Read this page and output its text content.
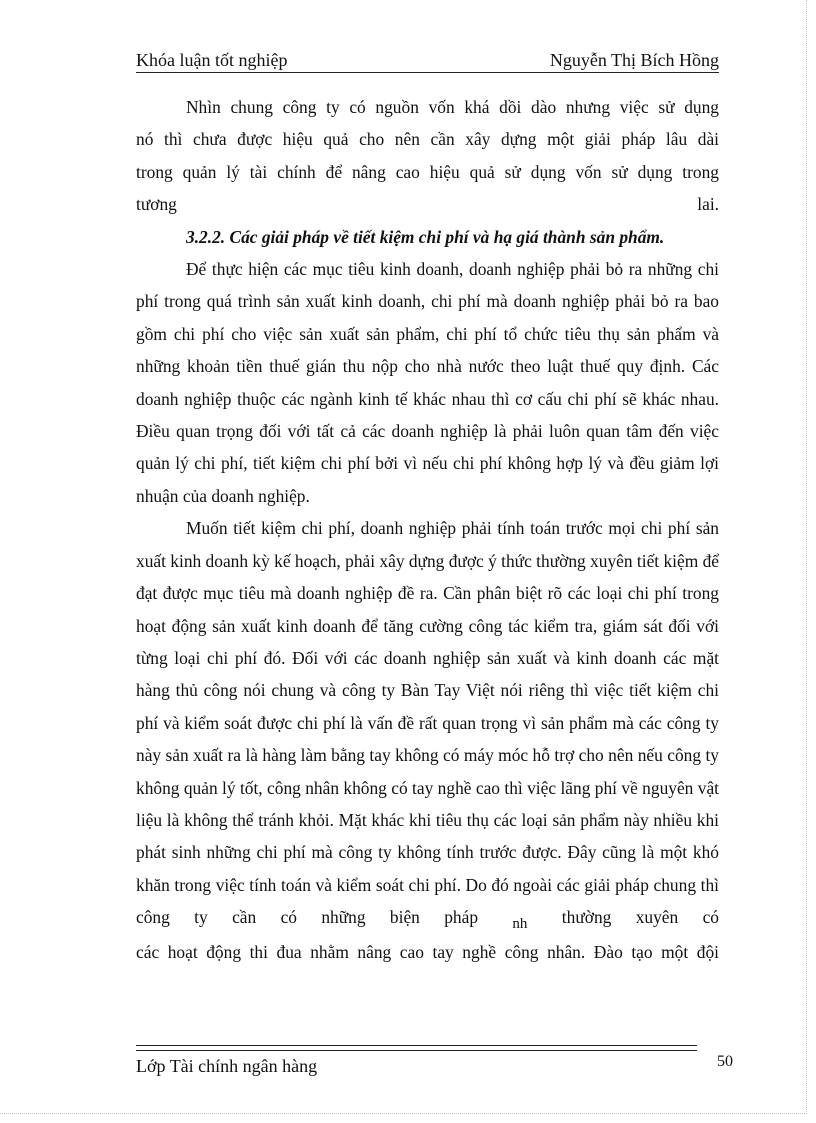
Khóa luận tốt nghiệp	Nguyễn Thị Bích Hồng

Nhìn chung công ty có nguồn vốn khá dồi dào nhưng việc sử dụng

nó thì chưa được hiệu quả cho nên cần xây dựng một giải pháp lâu dài

trong quản lý tài chính để nâng cao hiệu quả sử dụng vốn sử dụng trong

tương	lai.

3.2.2. Các giải pháp về tiết kiệm chi phí và hạ giá thành sản phẩm.

Để thực hiện các mục tiêu kinh doanh, doanh nghiệp phải bỏ ra những chi phí trong quá trình sản xuất kinh doanh, chi phí mà doanh nghiệp phải bỏ ra bao gồm chi phí cho việc sản xuất sản phẩm, chi phí tổ chức tiêu thụ sản phẩm và những khoản tiền thuế gián thu nộp cho nhà nước theo luật thuế quy định. Các doanh nghiệp thuộc các ngành kinh tế khác nhau thì cơ cấu chi phí sẽ khác nhau. Điều quan trọng đối với tất cả các doanh nghiệp là phải luôn quan tâm đến việc quản lý chi phí, tiết kiệm chi phí bởi vì nếu chi phí không hợp lý và đều giảm lợi nhuận của doanh nghiệp.

Muốn tiết kiệm chi phí, doanh nghiệp phải tính toán trước mọi chi phí sản xuất kinh doanh kỳ kế hoạch, phải xây dựng được ý thức thường xuyên tiết kiệm để đạt được mục tiêu mà doanh nghiệp đề ra. Cần phân biệt rõ các loại chi phí trong hoạt động sản xuất kinh doanh để tăng cường công tác kiểm tra, giám sát đối với từng loại chi phí đó. Đối với các doanh nghiệp sản xuất và kinh doanh các mặt hàng thủ công nói chung và công ty Bàn Tay Việt nói riêng thì việc tiết kiệm chi phí và kiểm soát được chi phí là vấn đề rất quan trọng vì sản phẩm mà các công ty này sản xuất ra là hàng làm bằng tay không có máy móc hỗ trợ cho nên nếu công ty không quản lý tốt, công nhân không có tay nghề cao thì việc lãng phí về nguyên vật liệu là không thể tránh khỏi. Mặt khác khi tiêu thụ các loại sản phẩm này nhiều khi phát sinh những chi phí mà công ty không tính trước được. Đây cũng là một khó khăn trong việc tính toán và kiểm soát chi phí. Do đó ngoài các giải pháp chung thì công ty cần có những biện pháp nh thường xuyên có

các hoạt động thi đua nhằm nâng cao tay nghề công nhân. Đào tạo một đội

Lớp Tài chính ngân hàng	50
